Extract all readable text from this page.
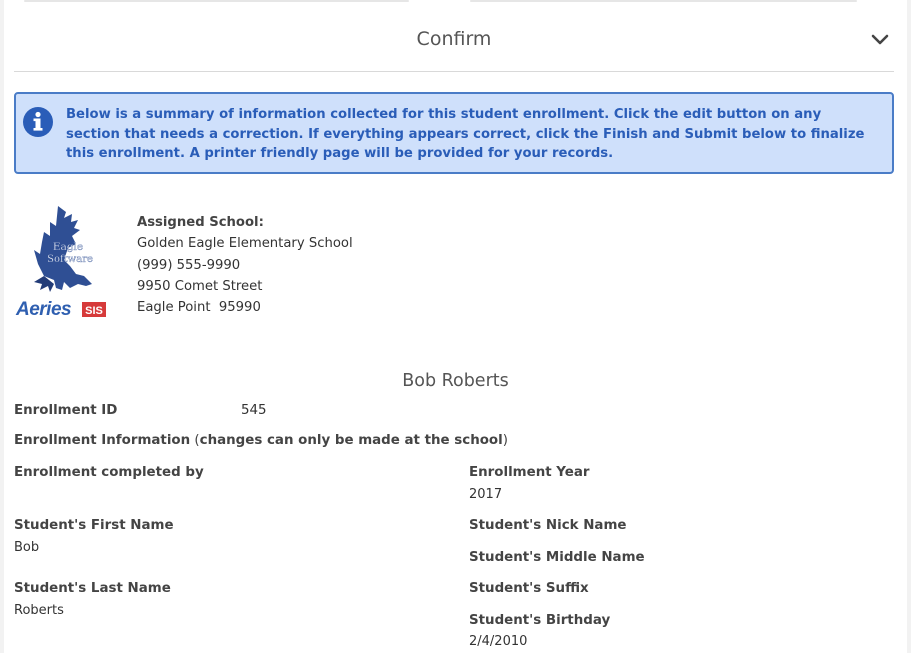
Confirm
Below is a summary of information collected for this student enrollment. Click the edit button on any section that needs a correction. If everything appears correct, click the Finish and Submit below to finalize this enrollment. A printer friendly page will be provided for your records.
Eagle
Software
Aeries SIS
Assigned School:
Golden Eagle Elementary School
(999) 555-9990
9950 Comet Street
Eagle Point  95990
Bob Roberts
Enrollment ID	545
Enrollment Information (changes can only be made at the school)
Enrollment completed by
Student's First Name
Bob
Student's Last Name
Roberts
Enrollment Year
2017
Student's Nick Name
Student's Middle Name
Student's Suffix
Student's Birthday
2/4/2010
